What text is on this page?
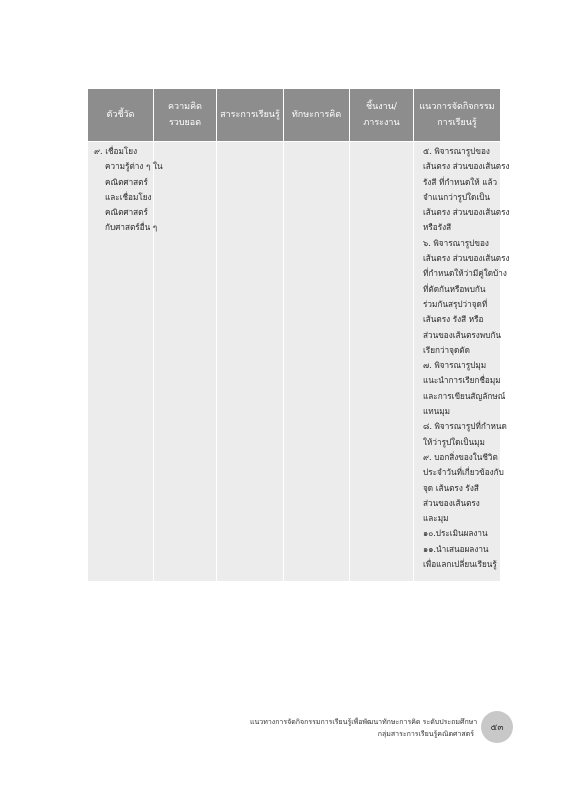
ตัวชี้วัด
ความคิด
รวบยอด
สาระการเรียนรู้	ทักษะการคิด
ชิ้นงาน/
ภาระงาน
แนวการจัดกิจกรรม
การเรียนรู้
๙. เชื่อมโยง
ความรู้ต่าง ๆ ใน
คณิตศาสตร์
และเชื่อมโยง
คณิตศาสตร์
กับศาสตร์อื่น ๆ
๕. พิจารณารูปของ
เส้นตรง ส่วนของเส้นตรง
รังสี ที่กำหนดให้ แล้ว
จำแนกว่ารูปใดเป็น
เส้นตรง ส่วนของเส้นตรง
หรือรังสี
๖. พิจารณารูปของ
เส้นตรง ส่วนของเส้นตรง
ที่กำหนดให้ว่ามีคู่ใดบ้าง
ที่ตัดกันหรือพบกัน
ร่วมกันสรุปว่าจุดที่
เส้นตรง รังสี หรือ
ส่วนของเส้นตรงพบกัน
เรียกว่าจุดตัด
๗. พิจารณารูปมุม
แนะนำการเรียกชื่อมุม
และการเขียนสัญลักษณ์
แทนมุม
๘. พิจารณารูปที่กำหนด
ให้ว่ารูปใดเป็นมุม
๙. บอกสิ่งของในชีวิต
ประจำวันที่เกี่ยวข้องกับ
จุด เส้นตรง รังสี
ส่วนของเส้นตรง
และมุม
๑๐.ประเมินผลงาน
๑๑.นำเสนอผลงาน
เพื่อแลกเปลี่ยนเรียนรู้
แนวทางการจัดกิจกรรมการเรียนรู้เพื่อพัฒนาทักษะการคิด ระดับประถมศึกษา
กลุ่มสาระการเรียนรู้คณิตศาสตร์
๕๓
